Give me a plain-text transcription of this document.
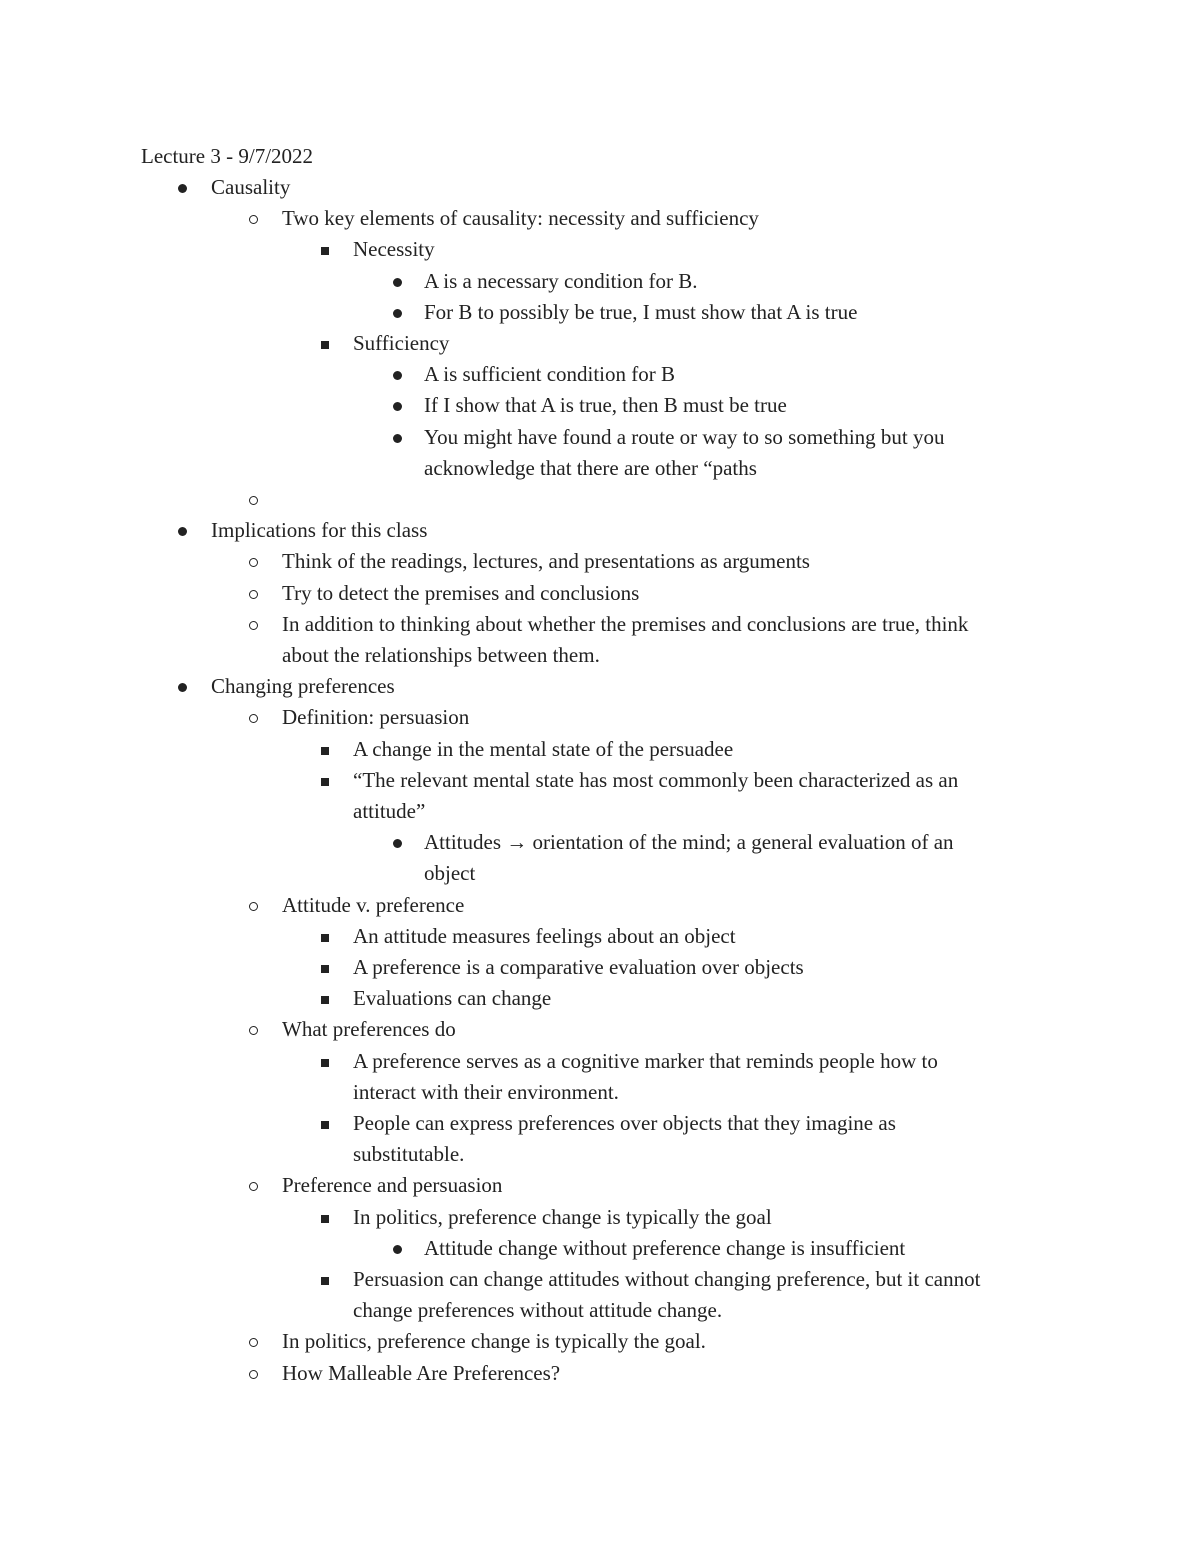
Lecture 3 - 9/7/2022
Causality
Two key elements of causality: necessity and sufficiency
Necessity
A is a necessary condition for B.
For B to possibly be true, I must show that A is true
Sufficiency
A is sufficient condition for B
If I show that A is true, then B must be true
You might have found a route or way to so something but you
acknowledge that there are other “paths

Implications for this class
Think of the readings, lectures, and presentations as arguments
Try to detect the premises and conclusions
In addition to thinking about whether the premises and conclusions are true, think
about the relationships between them.
Changing preferences
Definition: persuasion
A change in the mental state of the persuadee
“The relevant mental state has most commonly been characterized as an
attitude”
Attitudes → orientation of the mind; a general evaluation of an
object
Attitude v. preference
An attitude measures feelings about an object
A preference is a comparative evaluation over objects
Evaluations can change
What preferences do
A preference serves as a cognitive marker that reminds people how to
interact with their environment.
People can express preferences over objects that they imagine as
substitutable.
Preference and persuasion
In politics, preference change is typically the goal
Attitude change without preference change is insufficient
Persuasion can change attitudes without changing preference, but it cannot
change preferences without attitude change.
In politics, preference change is typically the goal.
How Malleable Are Preferences?
